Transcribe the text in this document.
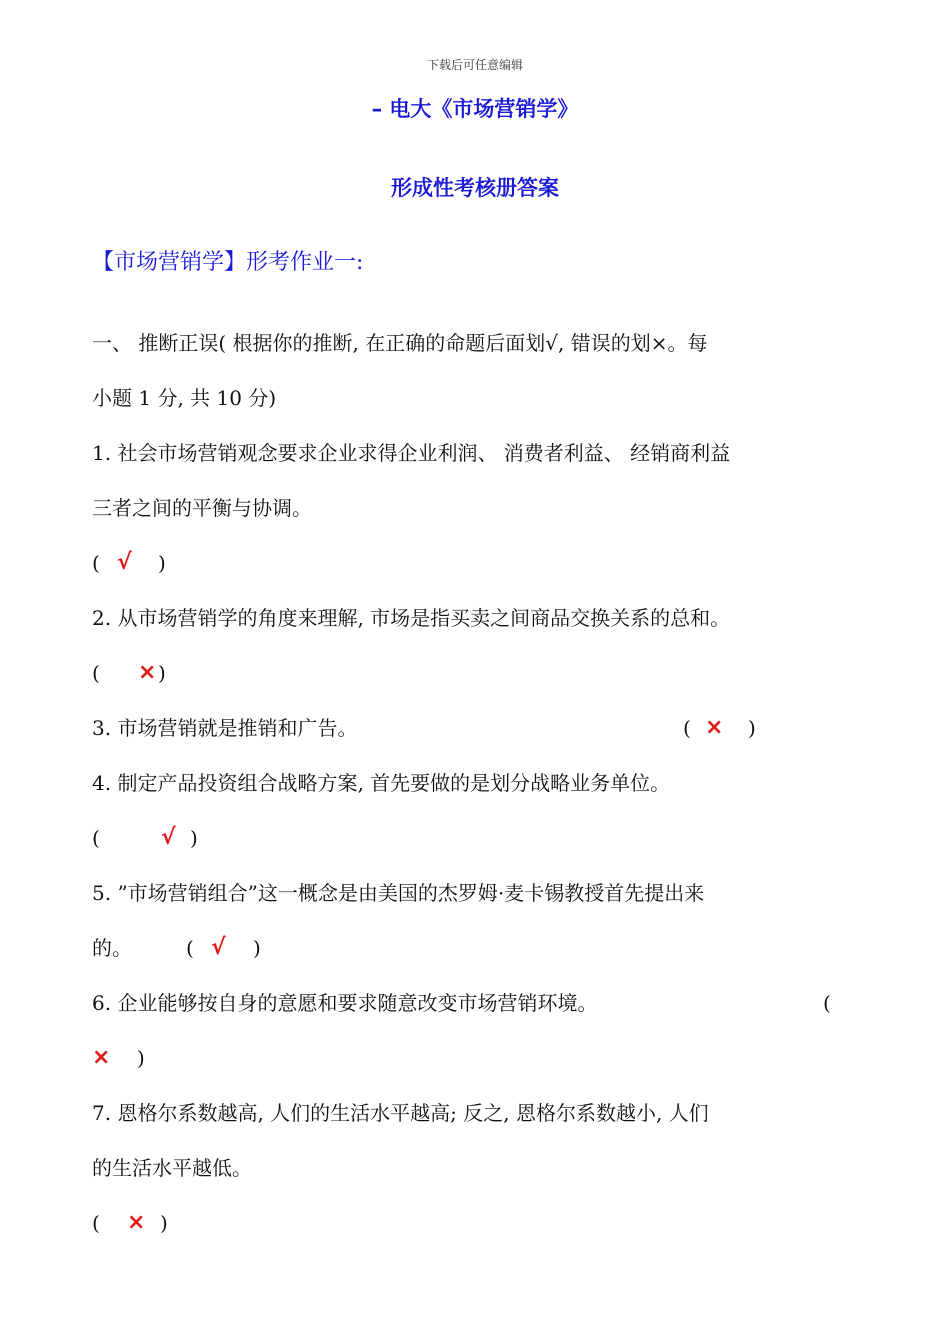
下载后可任意编辑
– 电大《市场营销学》
形成性考核册答案
【市场营销学】形考作业一:
一、 推断正误( 根据你的推断, 在正确的命题后面划√, 错误的划×。每
小题 1 分, 共 10 分)
1. 社会市场营销观念要求企业求得企业利润、 消费者利益、 经销商利益
三者之间的平衡与协调。
( √ )
2. 从市场营销学的角度来理解, 市场是指买卖之间商品交换关系的总和。
( × )
3. 市场营销就是推销和广告。	( × )
4. 制定产品投资组合战略方案, 首先要做的是划分战略业务单位。
(	√ )
5. ”市场营销组合”这一概念是由美国的杰罗姆·麦卡锡教授首先提出来
的。	( √ )
6. 企业能够按自身的意愿和要求随意改变市场营销环境。	(
× )
7. 恩格尔系数越高, 人们的生活水平越高; 反之, 恩格尔系数越小, 人们
的生活水平越低。
( × )
